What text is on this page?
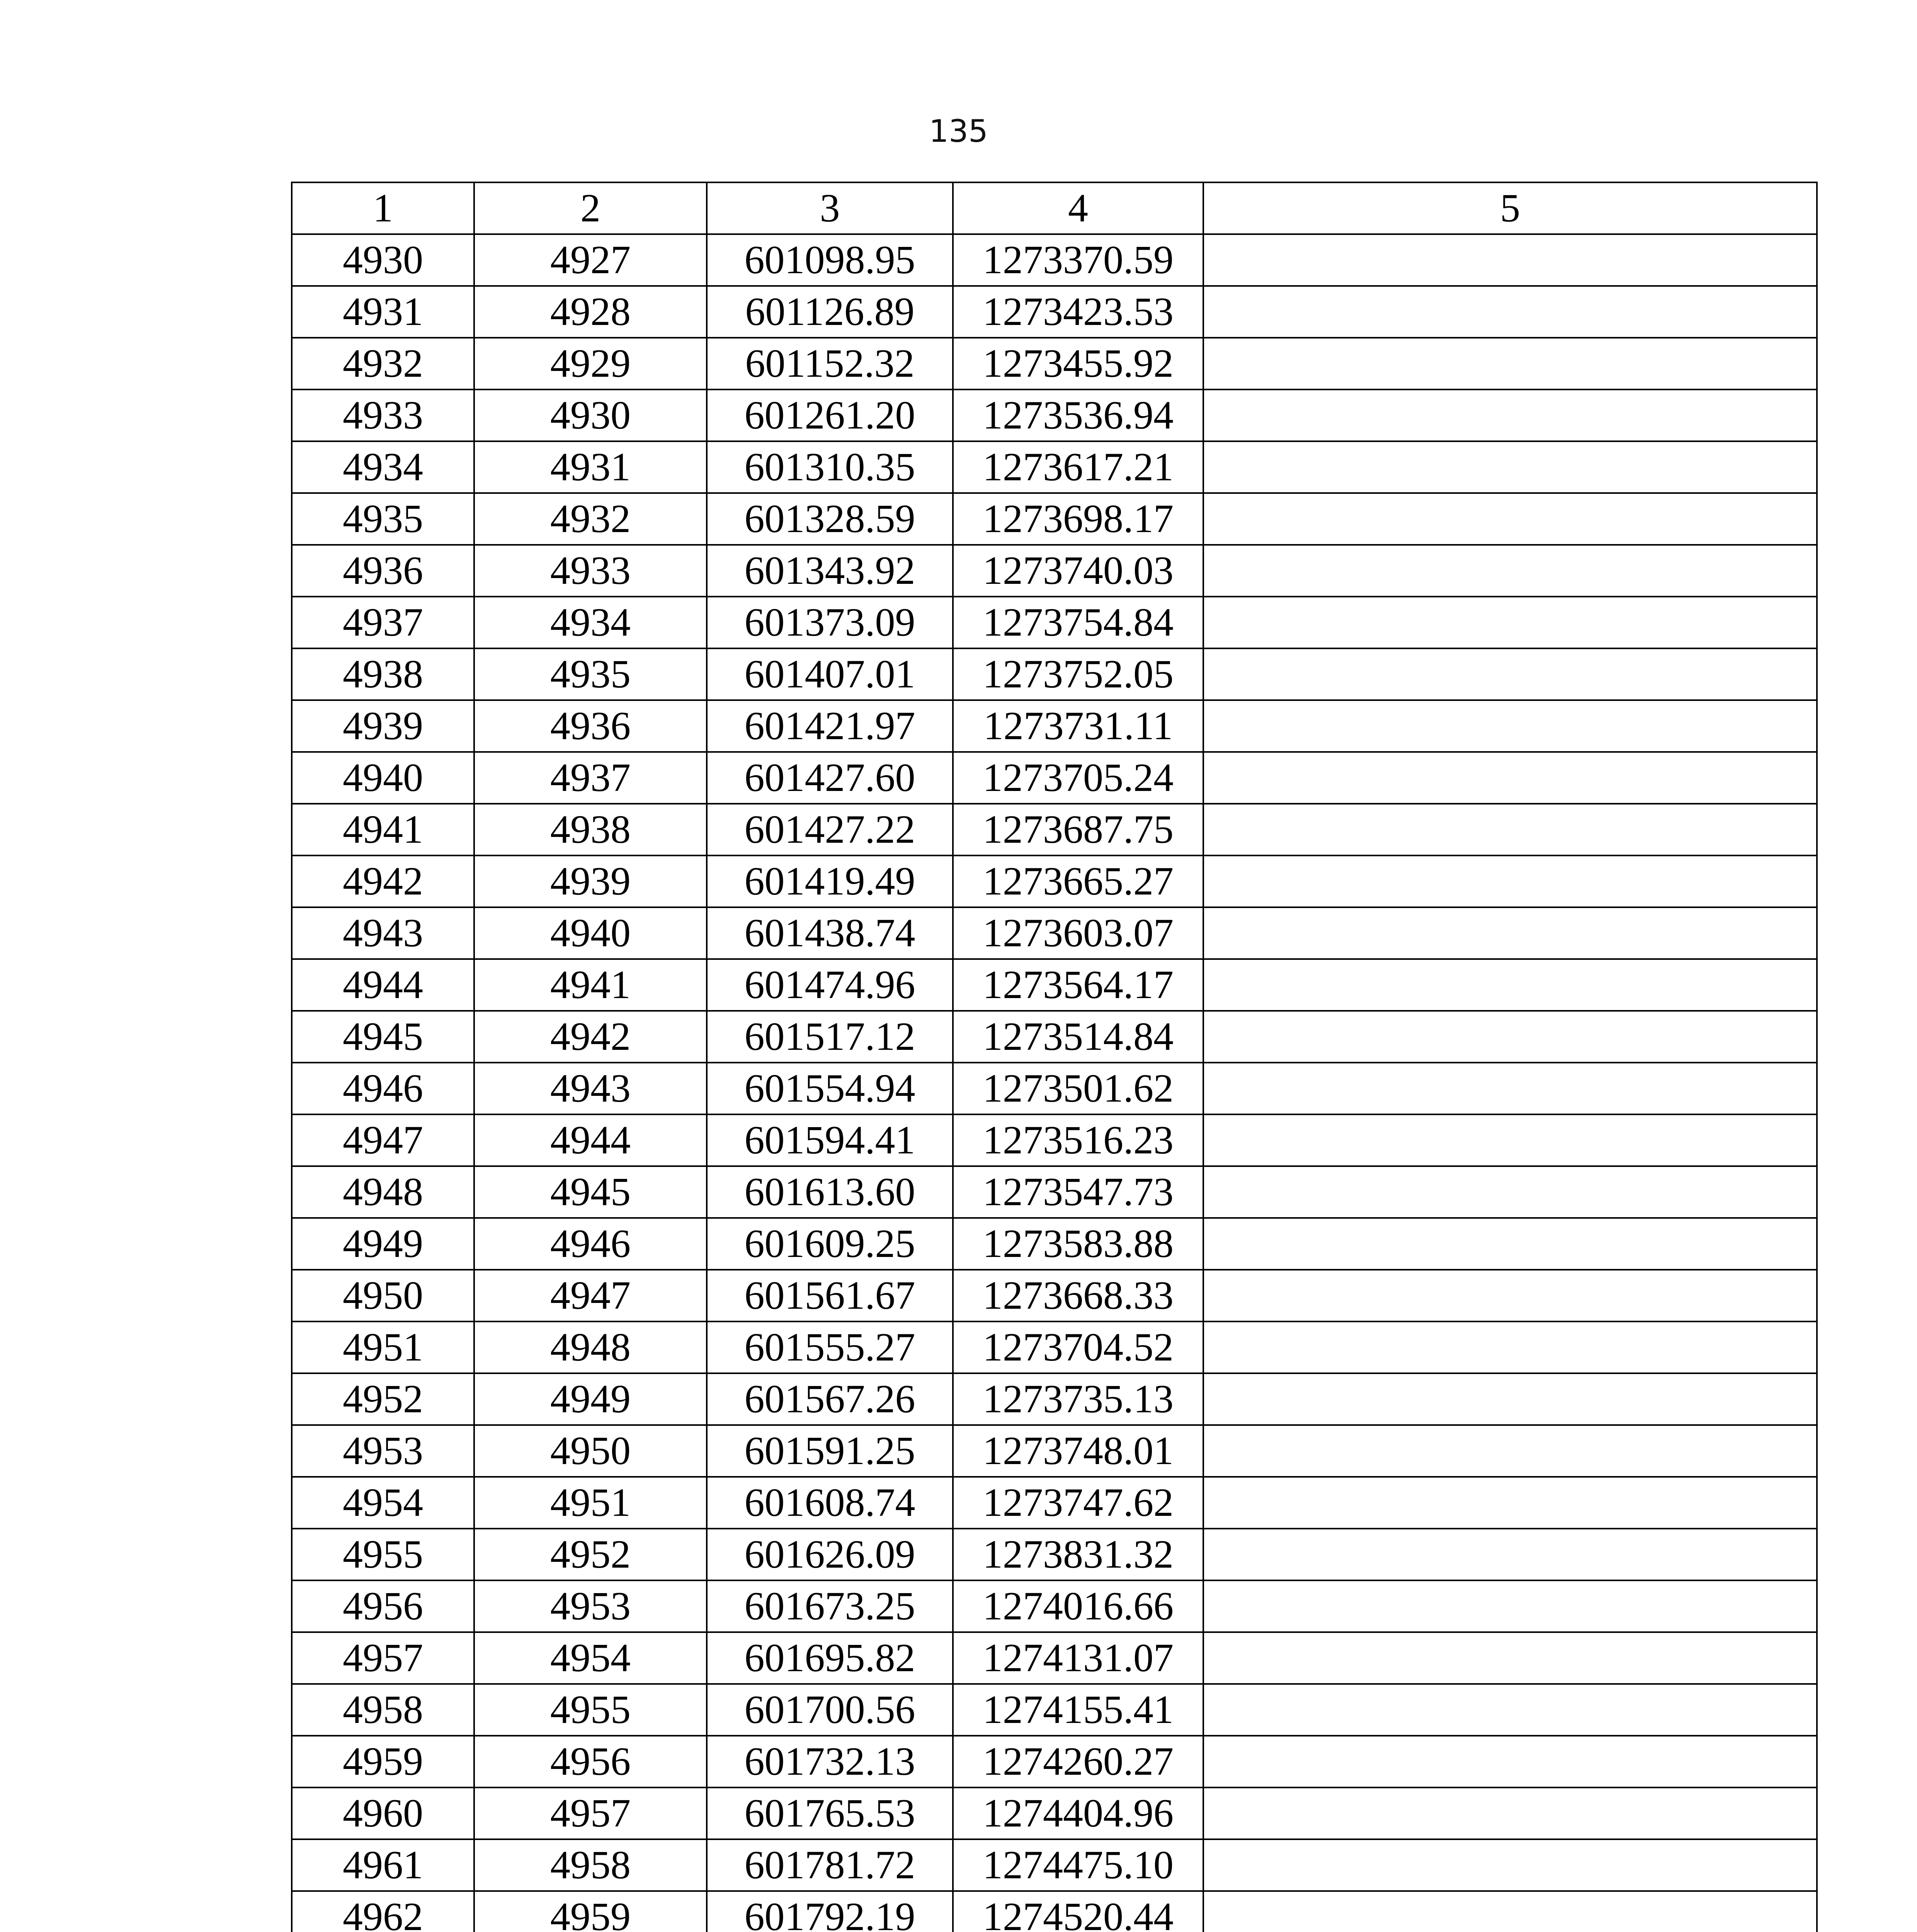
135
1	2	3	4	5
4930	4927	601098.95	1273370.59	
4931	4928	601126.89	1273423.53	
4932	4929	601152.32	1273455.92	
4933	4930	601261.20	1273536.94	
4934	4931	601310.35	1273617.21	
4935	4932	601328.59	1273698.17	
4936	4933	601343.92	1273740.03	
4937	4934	601373.09	1273754.84	
4938	4935	601407.01	1273752.05	
4939	4936	601421.97	1273731.11	
4940	4937	601427.60	1273705.24	
4941	4938	601427.22	1273687.75	
4942	4939	601419.49	1273665.27	
4943	4940	601438.74	1273603.07	
4944	4941	601474.96	1273564.17	
4945	4942	601517.12	1273514.84	
4946	4943	601554.94	1273501.62	
4947	4944	601594.41	1273516.23	
4948	4945	601613.60	1273547.73	
4949	4946	601609.25	1273583.88	
4950	4947	601561.67	1273668.33	
4951	4948	601555.27	1273704.52	
4952	4949	601567.26	1273735.13	
4953	4950	601591.25	1273748.01	
4954	4951	601608.74	1273747.62	
4955	4952	601626.09	1273831.32	
4956	4953	601673.25	1274016.66	
4957	4954	601695.82	1274131.07	
4958	4955	601700.56	1274155.41	
4959	4956	601732.13	1274260.27	
4960	4957	601765.53	1274404.96	
4961	4958	601781.72	1274475.10	
4962	4959	601792.19	1274520.44	
